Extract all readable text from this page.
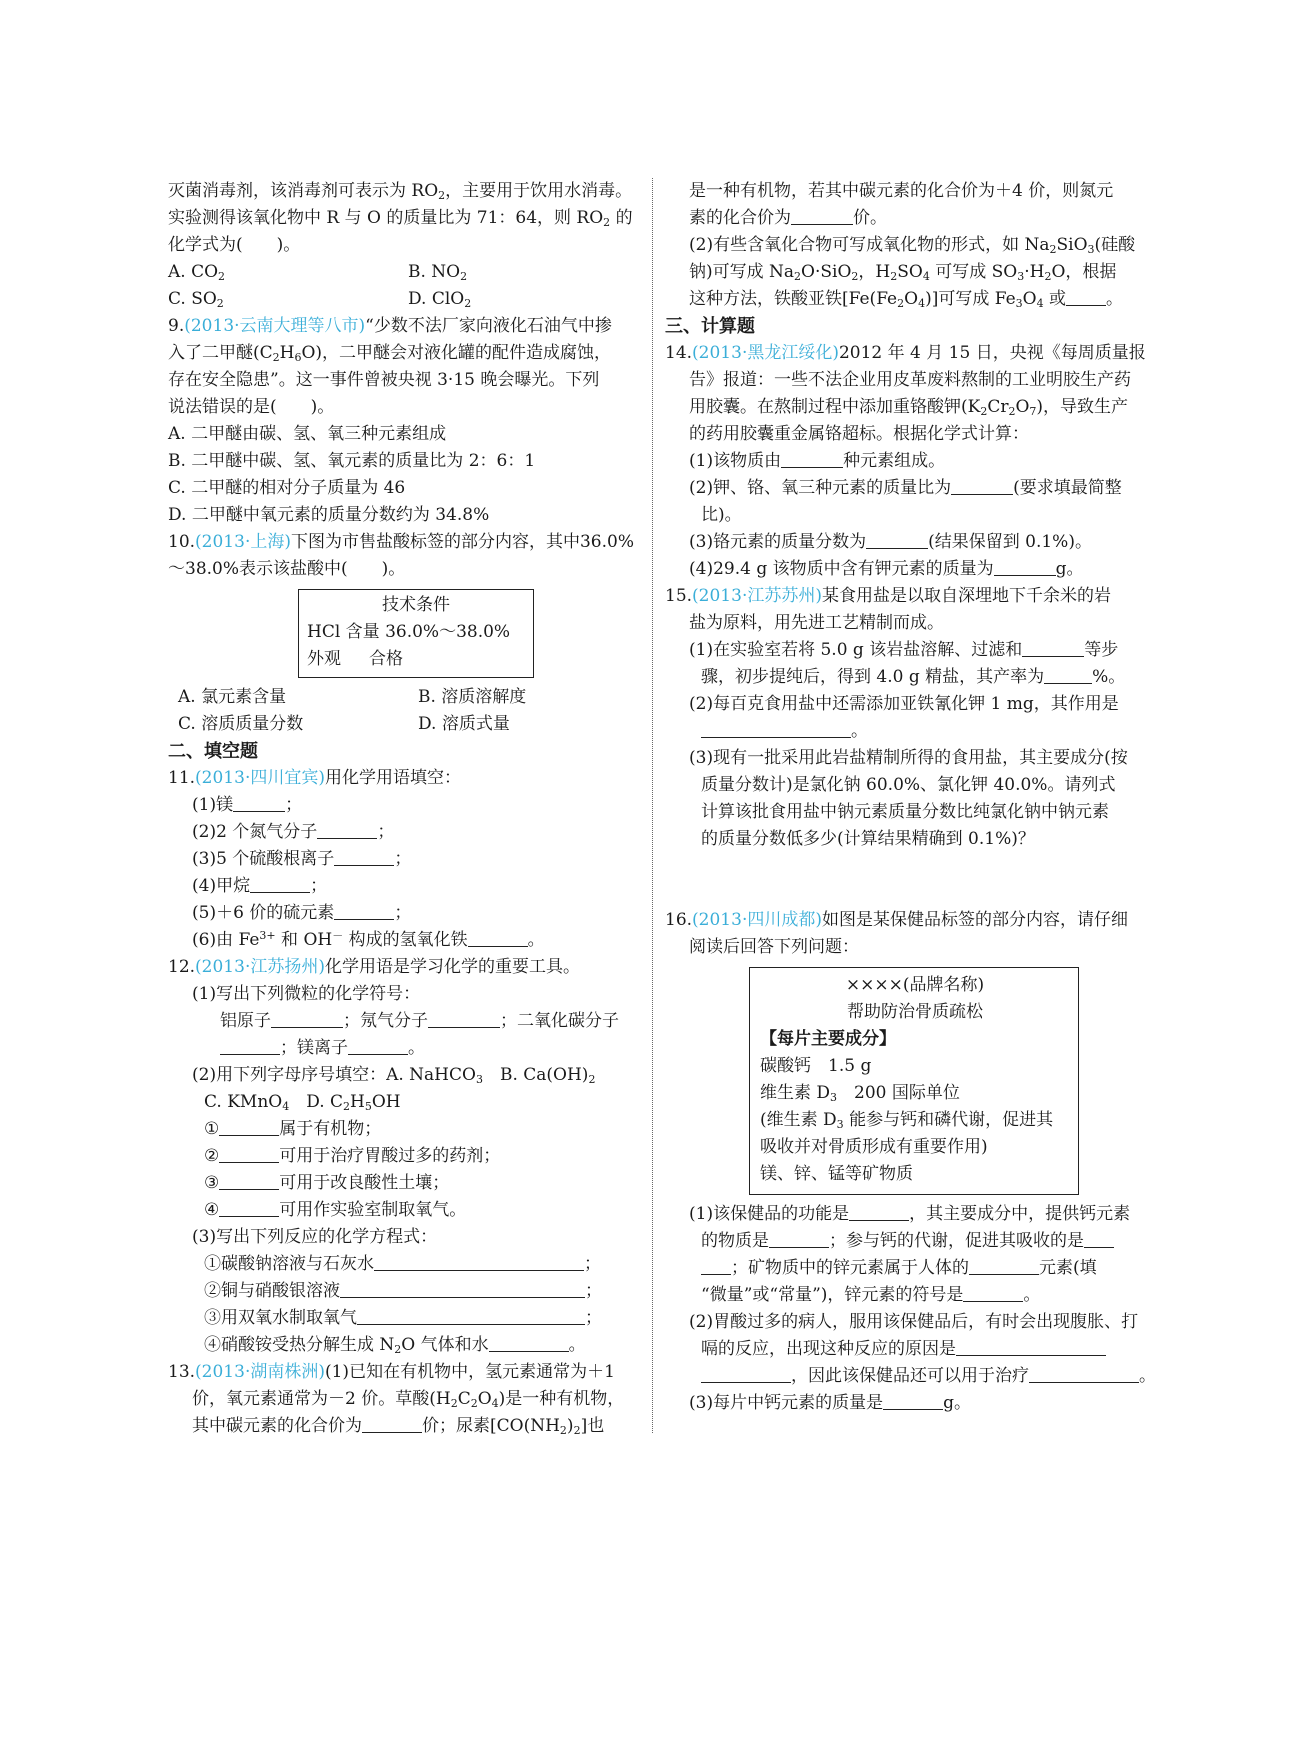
灭菌消毒剂，该消毒剂可表示为 $RO_2$，主要用于饮用水消毒。
实验测得该氧化物中 R 与 O 的质量比为 71：64，则 $RO_2$ 的
化学式为(　　)。
A. $CO_2$	B. $NO_2$
C. $SO_2$	D. ClO$_2$
9.(2013·云南大理等八市)“少数不法厂家向液化石油气中掺
入了二甲醚$(C_2H_6O)$，二甲醚会对液化罐的配件造成腐蚀，
存在安全隐患”。这一事件曾被央视 3·15 晚会曝光。下列
说法错误的是(　　)。
A. 二甲醚由碳、氢、氧三种元素组成
B. 二甲醚中碳、氢、氧元素的质量比为 2：6：1
C. 二甲醚的相对分子质量为 46
D. 二甲醚中氧元素的质量分数约为 34.8%
10.(2013·上海)下图为市售盐酸标签的部分内容，其中36.0%
～38.0%表示该盐酸中(　　)。
技术条件
HCl 含量 36.0%～38.0%
外观 合格
A. 氯元素含量	B. 溶质溶解度
C. 溶质质量分数	D. 溶质式量
二、填空题
11.(2013·四川宜宾)用化学用语填空：
(1)镁	；
(2)2 个氮气分子	；
(3)5 个硫酸根离子	；
(4)甲烷	；
(5)＋6 价的硫元素	；
(6)由 $Fe^{3+}$ 和 OH－ 构成的氢氧化铁	。
12.(2013·江苏扬州)化学用语是学习化学的重要工具。
(1)写出下列微粒的化学符号：
铝原子	；氖气分子	；二氧化碳分子
；镁离子	。
(2)用下列字母序号填空：A. NaHCO$_3$　B. $Ca(OH)_2$
C. KMnO$_4$　D. $C_2H_5OH$
①	属于有机物；
②	可用于治疗胃酸过多的药剂；
③	可用于改良酸性土壤；
④	可用作实验室制取氧气。
(3)写出下列反应的化学方程式：
①碳酸钠溶液与石灰水	；
②铜与硝酸银溶液	；
③用双氧水制取氧气	；
④硝酸铵受热分解生成 $N_2O$ 气体和水	。
13.(2013·湖南株洲)(1)已知在有机物中，氢元素通常为＋1
价，氧元素通常为－2 价。草酸$(H_2C_2O_4)$是一种有机物，
其中碳元素的化合价为	价；尿素$[CO(NH_2)_2]$也
是一种有机物，若其中碳元素的化合价为＋4 价，则氮元
素的化合价为	价。
(2)有些含氧化合物可写成氧化物的形式，如 $Na_2SiO_3$(硅酸
钠)可写成 $Na_2O\cdot SiO_2$，$H_2SO_4$ 可写成 $SO_3\cdot H_2O$，根据
这种方法，铁酸亚铁$[Fe(Fe_2O_4)]$可写成 $Fe_3O_4$ 或 。
三、计算题
14.(2013·黑龙江绥化)2012 年 4 月 15 日，央视《每周质量报
告》报道：一些不法企业用皮革废料熬制的工业明胶生产药
用胶囊。在熬制过程中添加重铬酸钾$(K_2Cr_2O_7)$，导致生产
的药用胶囊重金属铬超标。根据化学式计算：
(1)该物质由	种元素组成。
(2)钾、铬、氧三种元素的质量比为	(要求填最简整
比)。
(3)铬元素的质量分数为	(结果保留到 0.1%)。
(4)29.4 g 该物质中含有钾元素的质量为	g。
15.(2013·江苏苏州)某食用盐是以取自深埋地下千余米的岩
盐为原料，用先进工艺精制而成。
(1)在实验室若将 5.0 g 该岩盐溶解、过滤和	等步
骤，初步提纯后，得到 4.0 g 精盐，其产率为	%。
(2)每百克食用盐中还需添加亚铁氰化钾 1 mg，其作用是
。
(3)现有一批采用此岩盐精制所得的食用盐，其主要成分(按
质量分数计)是氯化钠 60.0%、氯化钾 40.0%。请列式
计算该批食用盐中钠元素质量分数比纯氯化钠中钠元素
的质量分数低多少(计算结果精确到 0.1%)？
16.(2013·四川成都)如图是某保健品标签的部分内容，请仔细
阅读后回答下列问题：
××××(品牌名称)
帮助防治骨质疏松
【每片主要成分】
碳酸钙　1.5 g
维生素 $D_3$　200 国际单位
(维生素 $D_3$ 能参与钙和磷代谢，促进其
吸收并对骨质形成有重要作用)
镁、锌、锰等矿物质
(1)该保健品的功能是	，其主要成分中，提供钙元素
的物质是	；参与钙的代谢，促进其吸收的是
；矿物质中的锌元素属于人体的	元素(填
“微量”或“常量”)，锌元素的符号是	。
(2)胃酸过多的病人，服用该保健品后，有时会出现腹胀、打
嗝的反应，出现这种反应的原因是
，因此该保健品还可以用于治疗	。
(3)每片中钙元素的质量是	g。
